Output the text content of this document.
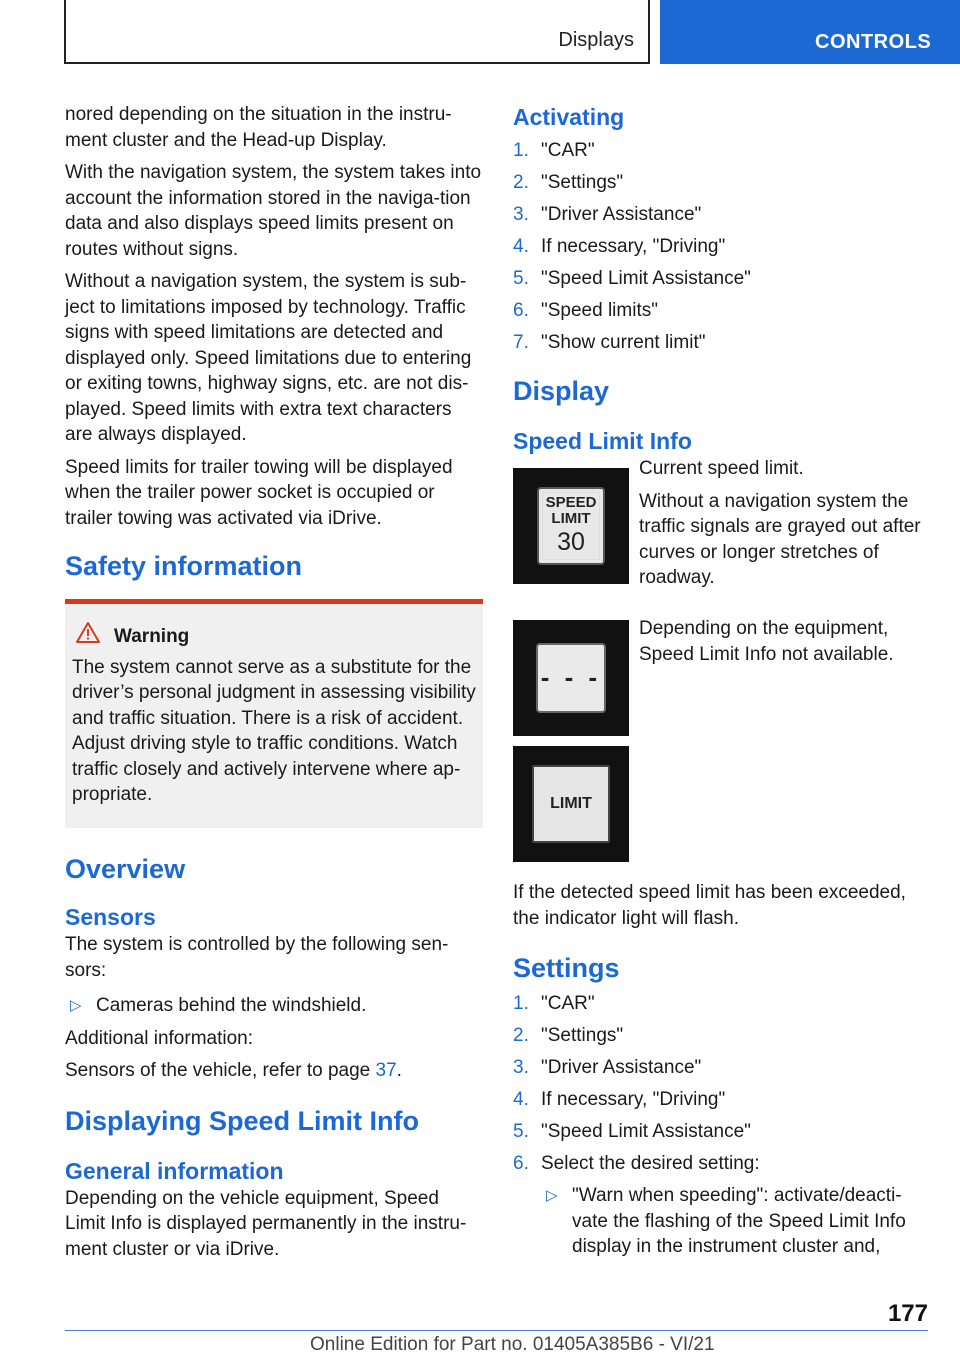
Displays	CONTROLS

nored depending on the situation in the instru-ment cluster and the Head-up Display.

With the navigation system, the system takes into account the information stored in the naviga-tion data and also displays speed limits present on routes without signs.

Without a navigation system, the system is sub-ject to limitations imposed by technology. Traffic signs with speed limitations are detected and displayed only. Speed limitations due to entering or exiting towns, highway signs, etc. are not dis-played. Speed limits with extra text characters are always displayed.

Speed limits for trailer towing will be displayed when the trailer power socket is occupied or trailer towing was activated via iDrive.

Safety information
Warning
The system cannot serve as a substitute for the driver’s personal judgment in assessing visibility and traffic situation. There is a risk of accident. Adjust driving style to traffic conditions. Watch traffic closely and actively intervene where ap-propriate.
Overview
Sensors

The system is controlled by the following sen-sors:

▷ Cameras behind the windshield.

Additional information:

Sensors of the vehicle, refer to page 37.

Displaying Speed Limit Info
General information

Depending on the vehicle equipment, Speed Limit Info is displayed permanently in the instru-ment cluster or via iDrive.

Activating
1. "CAR"
2. "Settings"
3. "Driver Assistance"
4. If necessary, "Driving"
5. "Speed Limit Assistance"
6. "Speed limits"
7. "Show current limit"
Display
Speed Limit Info
SPEED
LIMIT
30

Current speed limit.

Without a navigation system the traffic signals are grayed out after curves or longer stretches of roadway.

- - -

Depending on the equipment, Speed Limit Info not available.

LIMIT

If the detected speed limit has been exceeded, the indicator light will flash.

Settings
1. "CAR"
2. "Settings"
3. "Driver Assistance"
4. If necessary, "Driving"
5. "Speed Limit Assistance"
6. Select the desired setting:
▷ "Warn when speeding": activate/deacti-vate the flashing of the Speed Limit Info display in the instrument cluster and,
177
Online Edition for Part no. 01405A385B6 - VI/21
